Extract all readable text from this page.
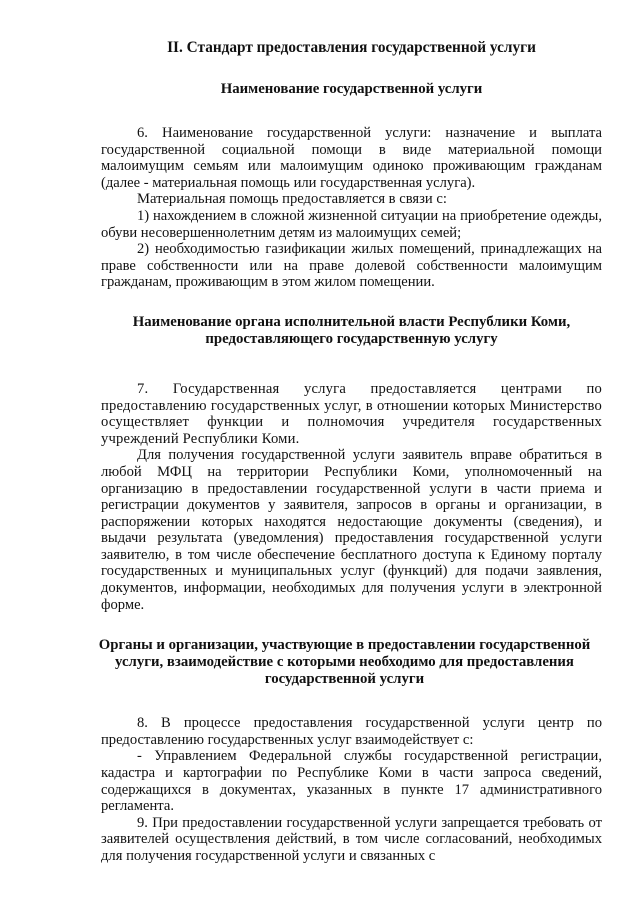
II. Стандарт предоставления государственной услуги
Наименование государственной услуги

6. Наименование государственной услуги: назначение и выплата государственной социальной помощи в виде материальной помощи малоимущим семьям или малоимущим одиноко проживающим гражданам (далее - материальная помощь или государственная услуга).

Материальная помощь предоставляется в связи с:

1) нахождением в сложной жизненной ситуации на приобретение одежды, обуви несовершеннолетним детям из малоимущих семей;

2) необходимостью газификации жилых помещений, принадлежащих на праве собственности или на праве долевой собственности малоимущим гражданам, проживающим в этом жилом помещении.

Наименование органа исполнительной власти Республики Коми,
предоставляющего государственную услугу

7. Государственная услуга предоставляется центрами по предоставлению государственных услуг, в отношении которых Министерство осуществляет функции и полномочия учредителя государственных учреждений Республики Коми.

Для получения государственной услуги заявитель вправе обратиться в любой МФЦ на территории Республики Коми, уполномоченный на организацию в предоставлении государственной услуги в части приема и регистрации документов у заявителя, запросов в органы и организации, в распоряжении которых находятся недостающие документы (сведения), и выдачи результата (уведомления) предоставления государственной услуги заявителю, в том числе обеспечение бесплатного доступа к Единому порталу государственных и муниципальных услуг (функций) для подачи заявления, документов, информации, необходимых для получения услуги в электронной форме.

Органы и организации, участвующие в предоставлении государственной
услуги, взаимодействие с которыми необходимо для предоставления
государственной услуги

8. В процессе предоставления государственной услуги центр по предоставлению государственных услуг взаимодействует с:

- Управлением Федеральной службы государственной регистрации, кадастра и картографии по Республике Коми в части запроса сведений, содержащихся в документах, указанных в пункте 17 административного регламента.

9. При предоставлении государственной услуги запрещается требовать от заявителей осуществления действий, в том числе согласований, необходимых для получения государственной услуги и связанных с
